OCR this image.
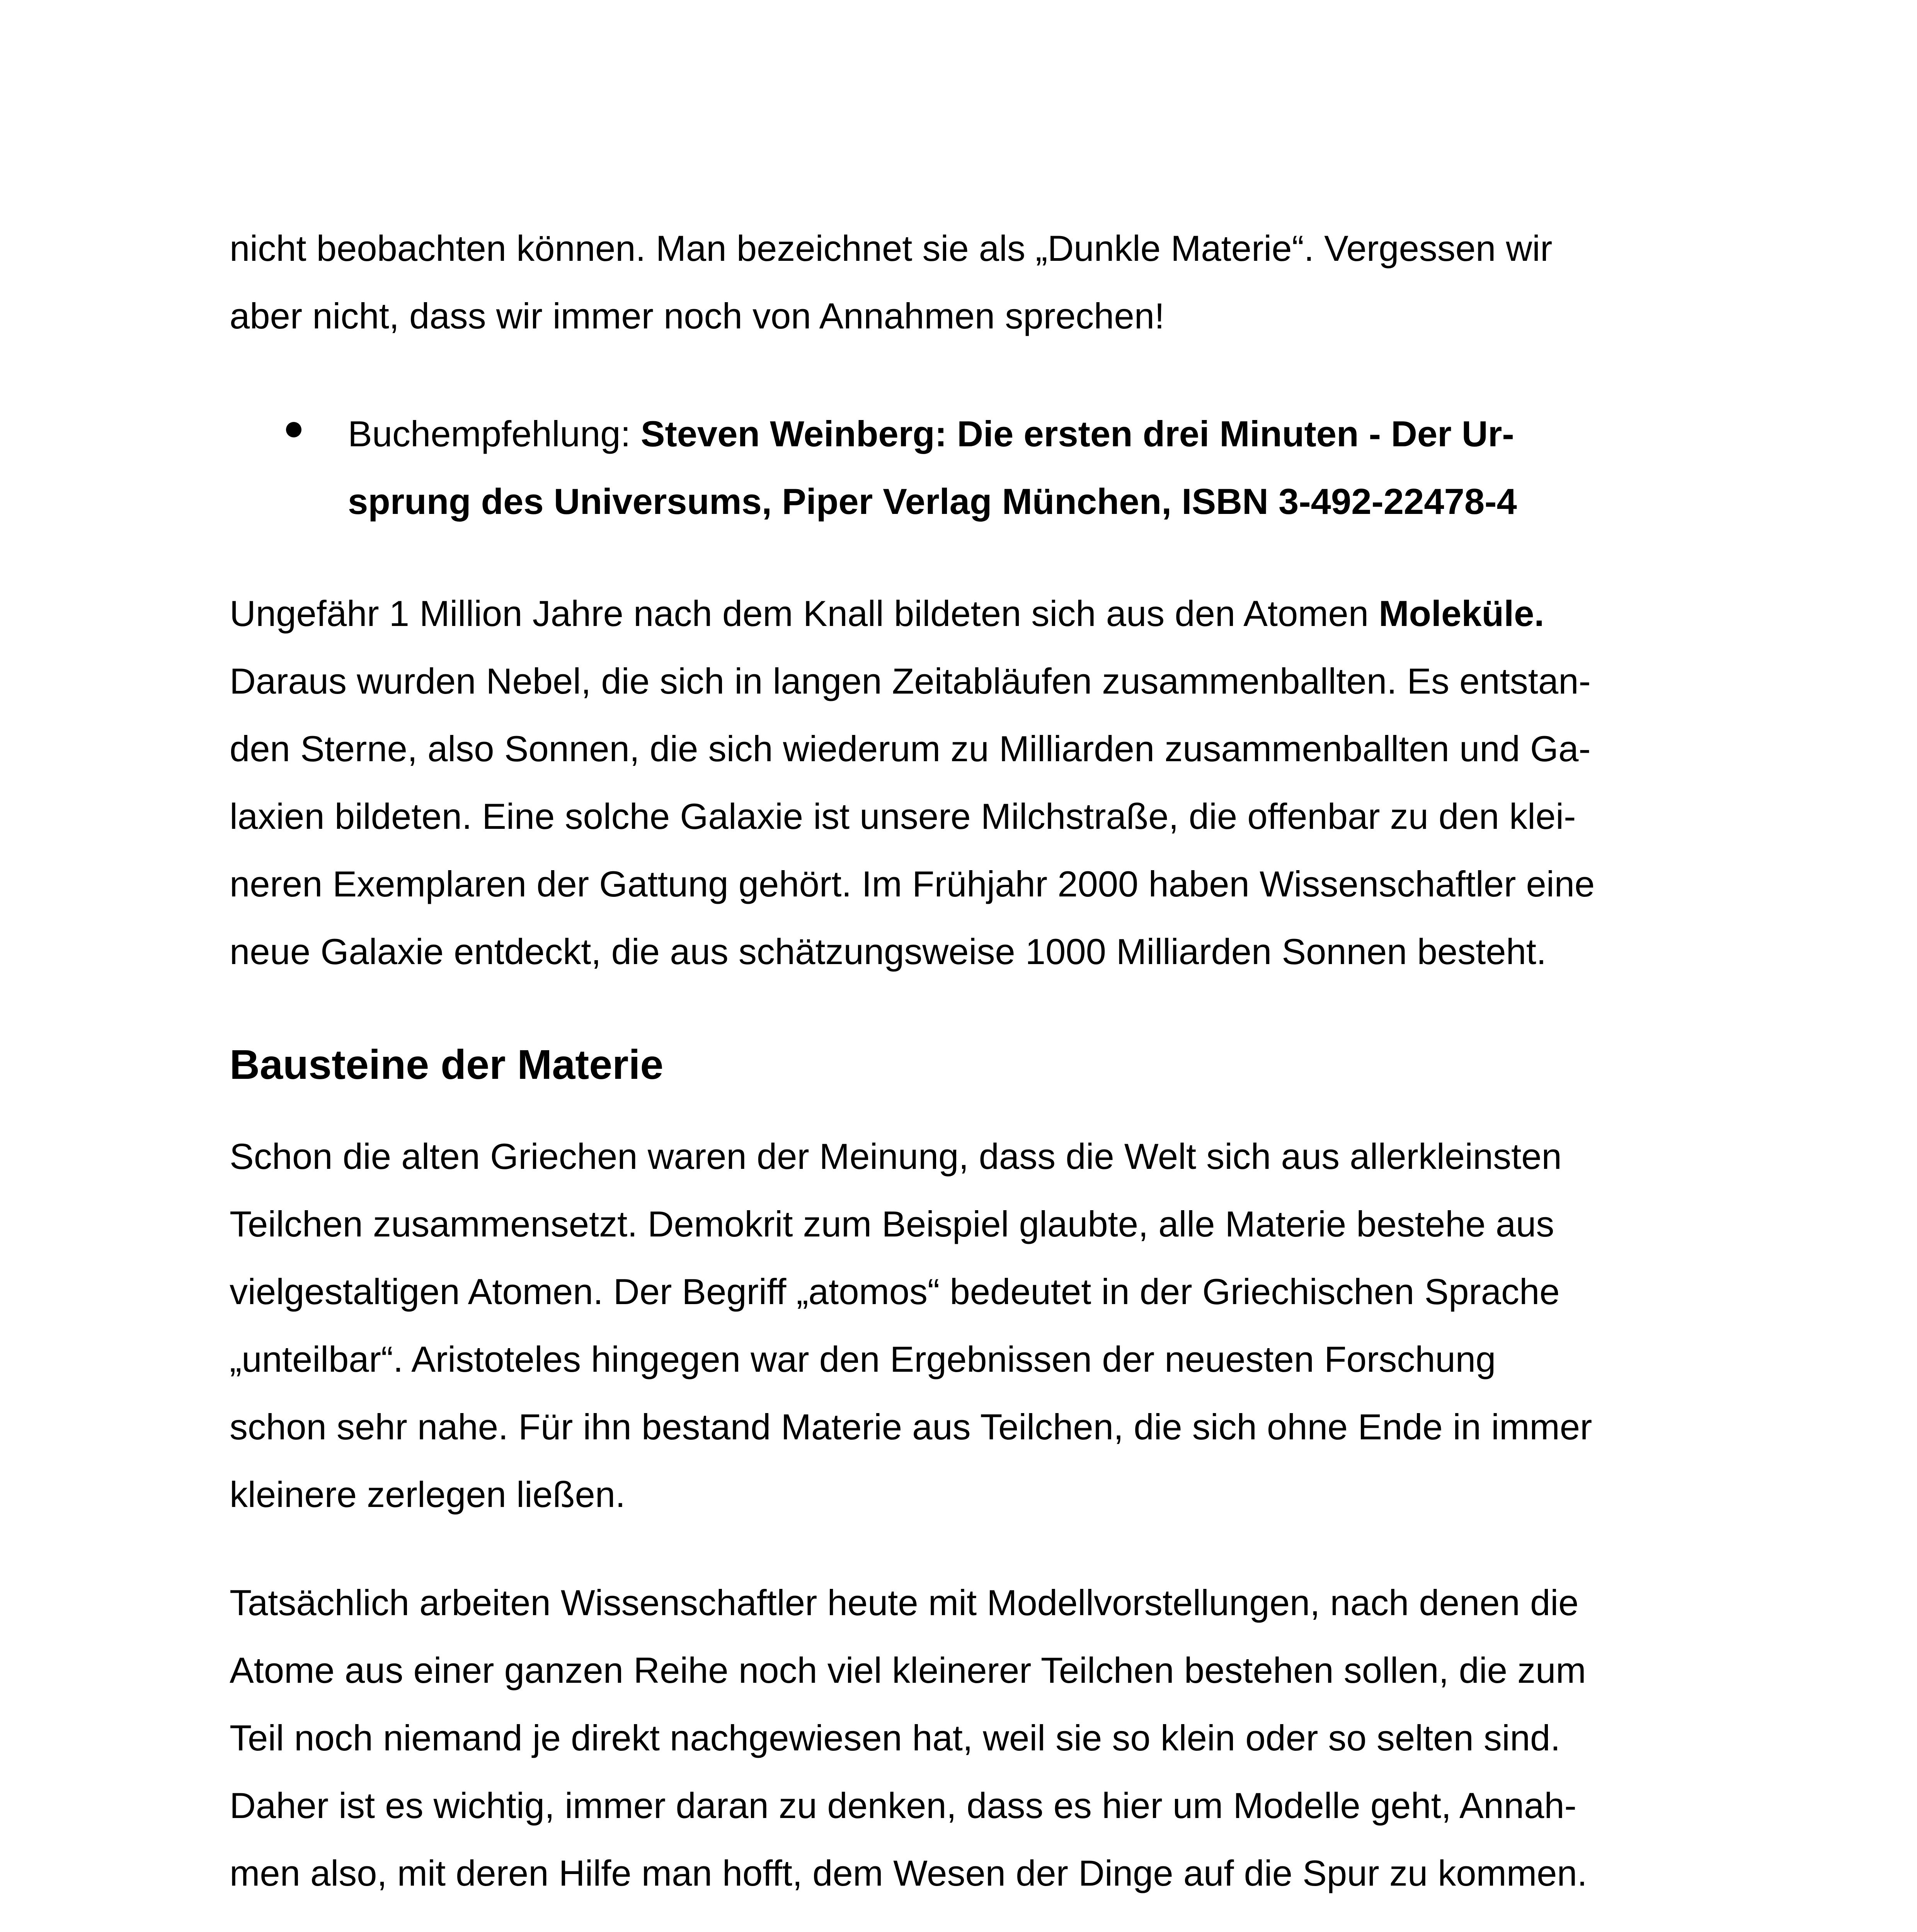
nicht beobachten können. Man bezeichnet sie als „Dunkle Materie“. Vergessen wir
aber nicht, dass wir immer noch von Annahmen sprechen!
Buchempfehlung: Steven Weinberg: Die ersten drei Minuten - Der Ur-
sprung des Universums, Piper Verlag München, ISBN 3-492-22478-4
Ungefähr 1 Million Jahre nach dem Knall bildeten sich aus den Atomen Moleküle.
Daraus wurden Nebel, die sich in langen Zeitabläufen zusammenballten. Es entstan-
den Sterne, also Sonnen, die sich wiederum zu Milliarden zusammenballten und Ga-
laxien bildeten. Eine solche Galaxie ist unsere Milchstraße, die offenbar zu den klei-
neren Exemplaren der Gattung gehört. Im Frühjahr 2000 haben Wissenschaftler eine
neue Galaxie entdeckt, die aus schätzungsweise 1000 Milliarden Sonnen besteht.
Bausteine der Materie
Schon die alten Griechen waren der Meinung, dass die Welt sich aus allerkleinsten
Teilchen zusammensetzt. Demokrit zum Beispiel glaubte, alle Materie bestehe aus
vielgestaltigen Atomen. Der Begriff „atomos“ bedeutet in der Griechischen Sprache
„unteilbar“. Aristoteles hingegen war den Ergebnissen der neuesten Forschung
schon sehr nahe. Für ihn bestand Materie aus Teilchen, die sich ohne Ende in immer
kleinere zerlegen ließen.
Tatsächlich arbeiten Wissenschaftler heute mit Modellvorstellungen, nach denen die
Atome aus einer ganzen Reihe noch viel kleinerer Teilchen bestehen sollen, die zum
Teil noch niemand je direkt nachgewiesen hat, weil sie so klein oder so selten sind.
Daher ist es wichtig, immer daran zu denken, dass es hier um Modelle geht, Annah-
men also, mit deren Hilfe man hofft, dem Wesen der Dinge auf die Spur zu kommen.
